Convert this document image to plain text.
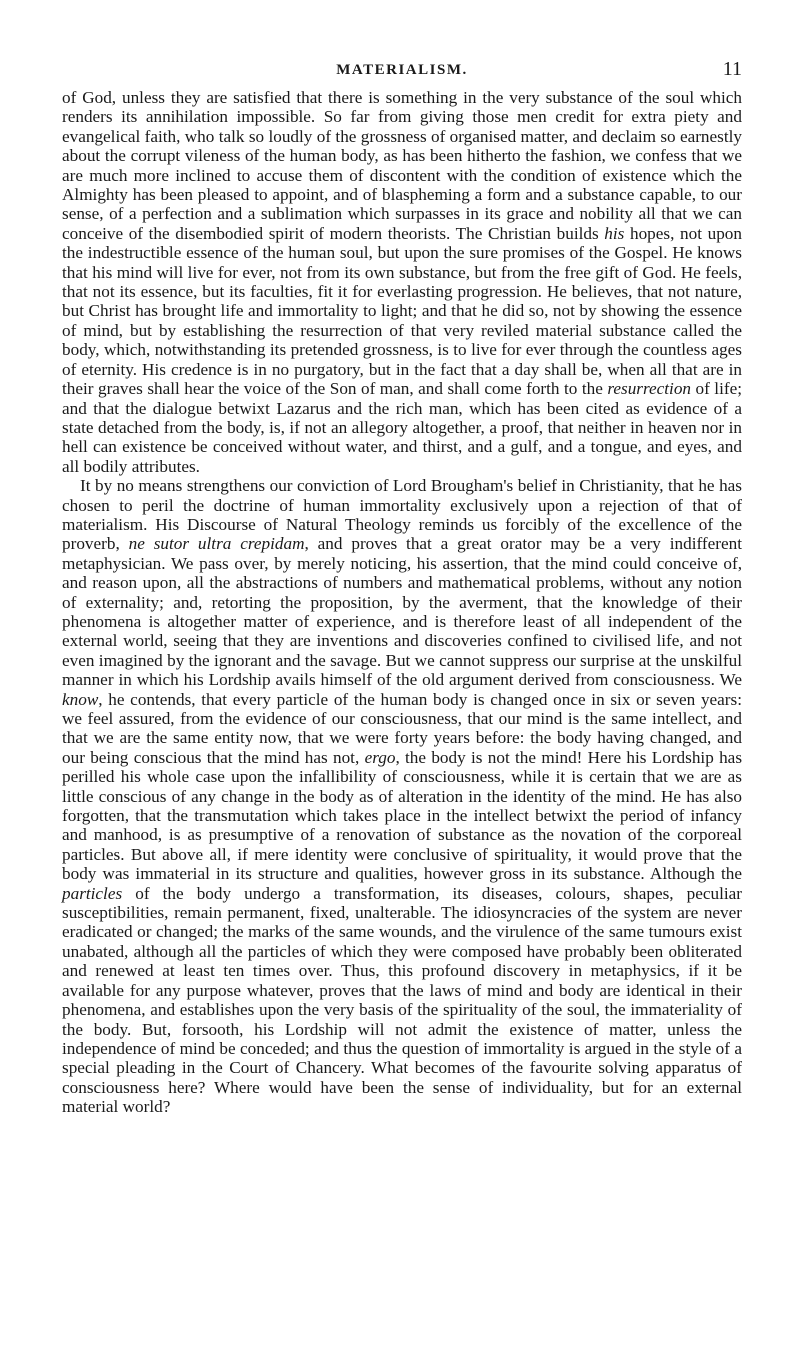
MATERIALISM.	11

of God, unless they are satisfied that there is something in the very substance of the soul which renders its annihilation impossible. So far from giving those men credit for extra piety and evangelical faith, who talk so loudly of the grossness of organised matter, and declaim so earnestly about the corrupt vileness of the human body, as has been hitherto the fashion, we confess that we are much more inclined to accuse them of discontent with the condition of existence which the Almighty has been pleased to appoint, and of blaspheming a form and a substance capable, to our sense, of a perfection and a sublimation which surpasses in its grace and nobility all that we can conceive of the disembodied spirit of modern theorists. The Christian builds his hopes, not upon the indestructible essence of the human soul, but upon the sure promises of the Gospel. He knows that his mind will live for ever, not from its own substance, but from the free gift of God. He feels, that not its essence, but its faculties, fit it for everlasting progression. He believes, that not nature, but Christ has brought life and immortality to light; and that he did so, not by showing the essence of mind, but by establishing the resurrection of that very reviled material substance called the body, which, notwithstanding its pretended grossness, is to live for ever through the countless ages of eternity. His credence is in no purgatory, but in the fact that a day shall be, when all that are in their graves shall hear the voice of the Son of man, and shall come forth to the resurrection of life; and that the dialogue betwixt Lazarus and the rich man, which has been cited as evidence of a state detached from the body, is, if not an allegory altogether, a proof, that neither in heaven nor in hell can existence be conceived without water, and thirst, and a gulf, and a tongue, and eyes, and all bodily attributes.

It by no means strengthens our conviction of Lord Brougham's belief in Christianity, that he has chosen to peril the doctrine of human immortality exclusively upon a rejection of that of materialism. His Discourse of Natural Theology reminds us forcibly of the excellence of the proverb, ne sutor ultra crepidam, and proves that a great orator may be a very indifferent metaphysician. We pass over, by merely noticing, his assertion, that the mind could conceive of, and reason upon, all the abstractions of numbers and mathematical problems, without any notion of externality; and, retorting the proposition, by the averment, that the knowledge of their phenomena is altogether matter of experience, and is therefore least of all independent of the external world, seeing that they are inventions and discoveries confined to civilised life, and not even imagined by the ignorant and the savage. But we cannot suppress our surprise at the unskilful manner in which his Lordship avails himself of the old argument derived from consciousness. We know, he contends, that every particle of the human body is changed once in six or seven years: we feel assured, from the evidence of our consciousness, that our mind is the same intellect, and that we are the same entity now, that we were forty years before: the body having changed, and our being conscious that the mind has not, ergo, the body is not the mind! Here his Lordship has perilled his whole case upon the infallibility of consciousness, while it is certain that we are as little conscious of any change in the body as of alteration in the identity of the mind. He has also forgotten, that the transmutation which takes place in the intellect betwixt the period of infancy and manhood, is as presumptive of a renovation of substance as the novation of the corporeal particles. But above all, if mere identity were conclusive of spirituality, it would prove that the body was immaterial in its structure and qualities, however gross in its substance. Although the particles of the body undergo a transformation, its diseases, colours, shapes, peculiar susceptibilities, remain permanent, fixed, unalterable. The idiosyncracies of the system are never eradicated or changed; the marks of the same wounds, and the virulence of the same tumours exist unabated, although all the particles of which they were composed have probably been obliterated and renewed at least ten times over. Thus, this profound discovery in metaphysics, if it be available for any purpose whatever, proves that the laws of mind and body are identical in their phenomena, and establishes upon the very basis of the spirituality of the soul, the immateriality of the body. But, forsooth, his Lordship will not admit the existence of matter, unless the independence of mind be conceded; and thus the question of immortality is argued in the style of a special pleading in the Court of Chancery. What becomes of the favourite solving apparatus of consciousness here? Where would have been the sense of individuality, but for an external material world?
